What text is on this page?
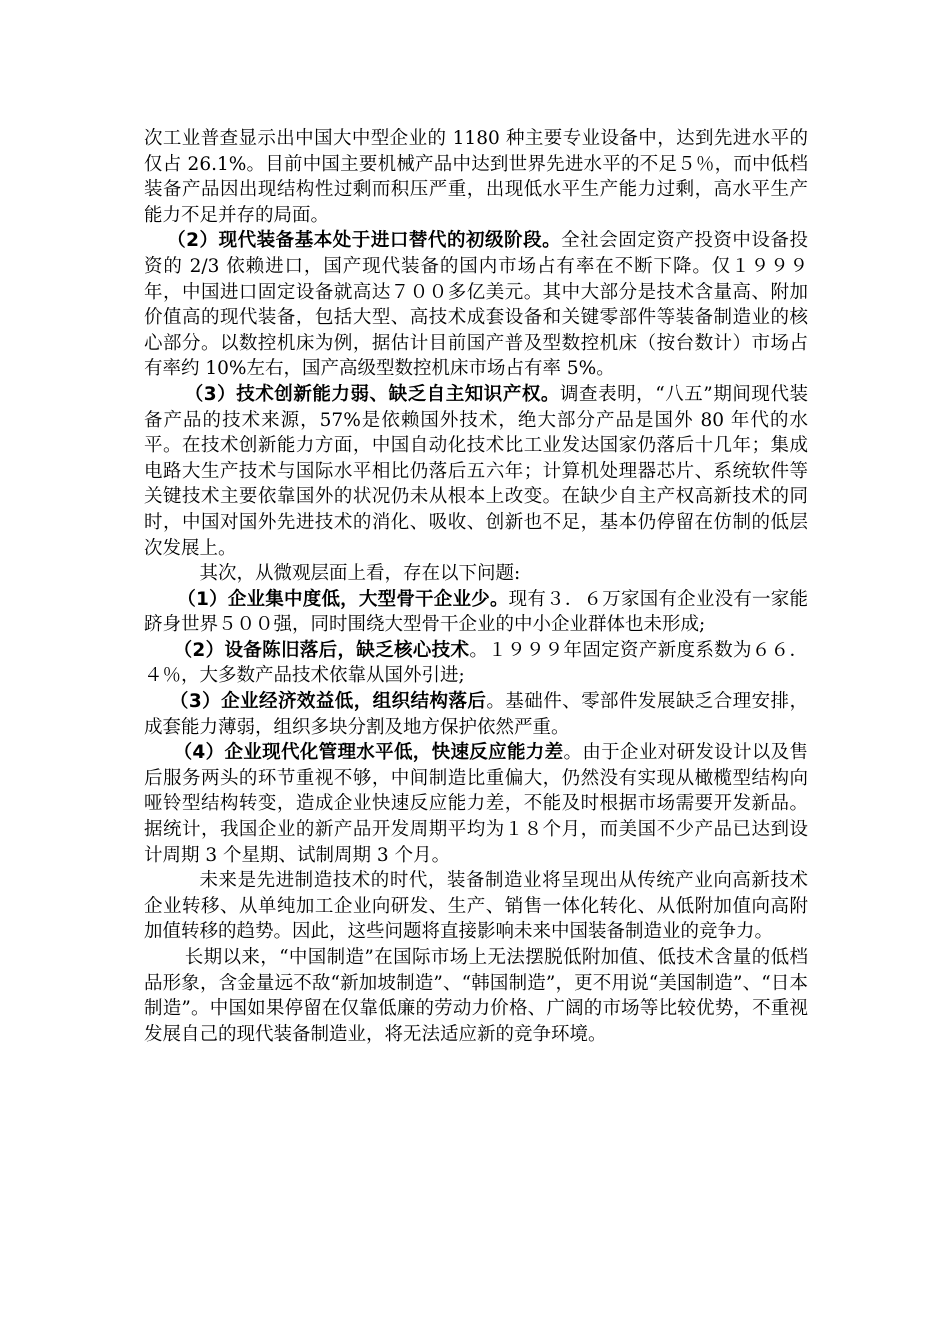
次工业普查显示出中国大中型企业的 1180 种主要专业设备中，达到先进水平的仅占 26.1%。目前中国主要机械产品中达到世界先进水平的不足５％，而中低档装备产品因出现结构性过剩而积压严重，出现低水平生产能力过剩，高水平生产能力不足并存的局面。

（2）现代装备基本处于进口替代的初级阶段。全社会固定资产投资中设备投资的 2/3 依赖进口，国产现代装备的国内市场占有率在不断下降。仅１９９９年，中国进口固定设备就高达７００多亿美元。其中大部分是技术含量高、附加价值高的现代装备，包括大型、高技术成套设备和关键零部件等装备制造业的核心部分。以数控机床为例，据估计目前国产普及型数控机床（按台数计）市场占有率约 10%左右，国产高级型数控机床市场占有率 5%。

（3）技术创新能力弱、缺乏自主知识产权。调查表明，“八五”期间现代装备产品的技术来源，57%是依赖国外技术，绝大部分产品是国外 80 年代的水平。在技术创新能力方面，中国自动化技术比工业发达国家仍落后十几年；集成电路大生产技术与国际水平相比仍落后五六年；计算机处理器芯片、系统软件等关键技术主要依靠国外的状况仍未从根本上改变。在缺少自主产权高新技术的同时，中国对国外先进技术的消化、吸收、创新也不足，基本仍停留在仿制的低层次发展上。

其次，从微观层面上看，存在以下问题:

（1）企业集中度低，大型骨干企业少。现有３．６万家国有企业没有一家能跻身世界５００强，同时围绕大型骨干企业的中小企业群体也未形成;

（2）设备陈旧落后，缺乏核心技术。１９９９年固定资产新度系数为６６．４％，大多数产品技术依靠从国外引进;

（3）企业经济效益低，组织结构落后。基础件、零部件发展缺乏合理安排，成套能力薄弱，组织多块分割及地方保护依然严重。

（4）企业现代化管理水平低，快速反应能力差。由于企业对研发设计以及售后服务两头的环节重视不够，中间制造比重偏大，仍然没有实现从橄榄型结构向哑铃型结构转变，造成企业快速反应能力差，不能及时根据市场需要开发新品。据统计，我国企业的新产品开发周期平均为１８个月，而美国不少产品已达到设计周期 3 个星期、试制周期 3 个月。

未来是先进制造技术的时代，装备制造业将呈现出从传统产业向高新技术企业转移、从单纯加工企业向研发、生产、销售一体化转化、从低附加值向高附加值转移的趋势。因此，这些问题将直接影响未来中国装备制造业的竞争力。

长期以来，“中国制造”在国际市场上无法摆脱低附加值、低技术含量的低档品形象，含金量远不敌“新加坡制造”、“韩国制造”，更不用说“美国制造”、“日本制造”。中国如果停留在仅靠低廉的劳动力价格、广阔的市场等比较优势，不重视发展自己的现代装备制造业，将无法适应新的竞争环境。
